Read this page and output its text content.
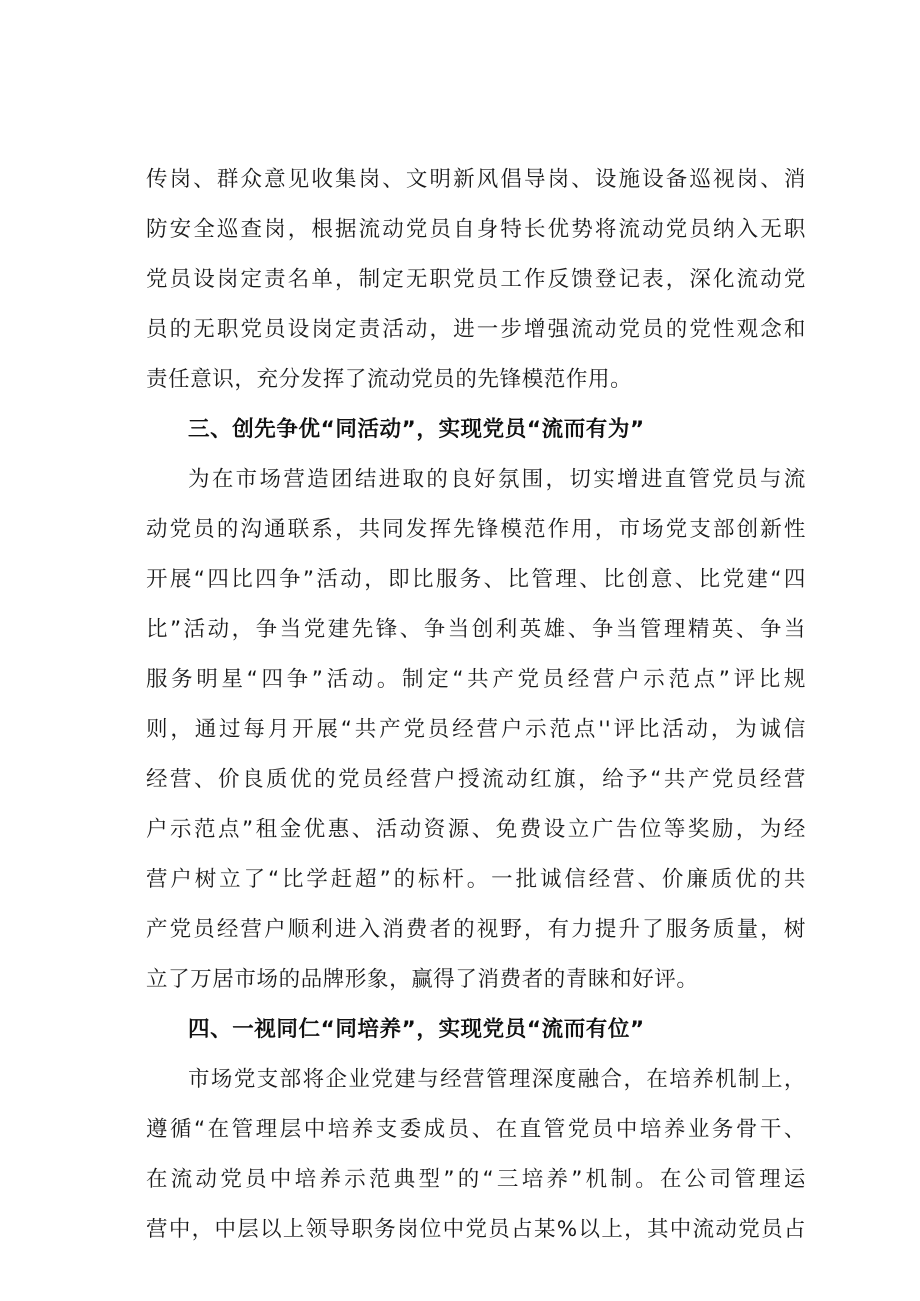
传岗、群众意见收集岗、文明新风倡导岗、设施设备巡视岗、消
防安全巡查岗，根据流动党员自身特长优势将流动党员纳入无职
党员设岗定责名单，制定无职党员工作反馈登记表，深化流动党
员的无职党员设岗定责活动，进一步增强流动党员的党性观念和
责任意识，充分发挥了流动党员的先锋模范作用。
三、创先争优“同活动”，实现党员“流而有为”
为在市场营造团结进取的良好氛围，切实增进直管党员与流
动党员的沟通联系，共同发挥先锋模范作用，市场党支部创新性
开展“四比四争”活动，即比服务、比管理、比创意、比党建“四
比”活动，争当党建先锋、争当创利英雄、争当管理精英、争当
服务明星“四争”活动。制定“共产党员经营户示范点”评比规
则，通过每月开展“共产党员经营户示范点''评比活动，为诚信
经营、价良质优的党员经营户授流动红旗，给予“共产党员经营
户示范点”租金优惠、活动资源、免费设立广告位等奖励，为经
营户树立了“比学赶超”的标杆。一批诚信经营、价廉质优的共
产党员经营户顺利进入消费者的视野，有力提升了服务质量，树
立了万居市场的品牌形象，赢得了消费者的青睐和好评。
四、一视同仁“同培养”，实现党员“流而有位”
市场党支部将企业党建与经营管理深度融合，在培养机制上，
遵循“在管理层中培养支委成员、在直管党员中培养业务骨干、
在流动党员中培养示范典型”的“三培养”机制。在公司管理运
营中，中层以上领导职务岗位中党员占某%以上，其中流动党员占
